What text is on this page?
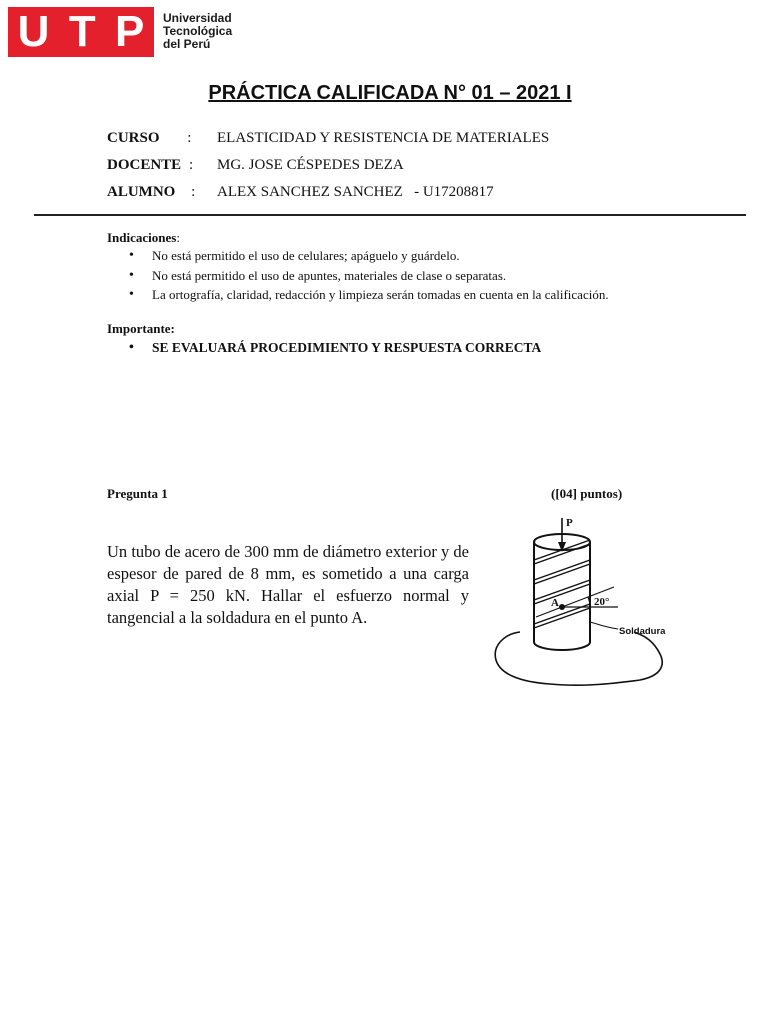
U T P Universidad
Tecnológica
del Perú
PRÁCTICA CALIFICADA N° 01 – 2021 I
CURSO : ELASTICIDAD Y RESISTENCIA DE MATERIALES
DOCENTE : MG. JOSE CÉSPEDES DEZA
ALUMNO : ALEX SANCHEZ SANCHEZ   - U17208817
Indicaciones:
• No está permitido el uso de celulares; apáguelo y guárdelo.
• No está permitido el uso de apuntes, materiales de clase o separatas.
• La ortografía, claridad, redacción y limpieza serán tomadas en cuenta en la calificación.
Importante:
• SE EVALUARÁ PROCEDIMIENTO Y RESPUESTA CORRECTA
Pregunta 1	([04] puntos)
Un tubo de acero de 300 mm de diámetro exterior y de espesor de pared de 8 mm, es sometido a una carga axial P = 250 kN. Hallar el esfuerzo normal y tangencial a la soldadura en el punto A.
P
A	20°
Soldadura
